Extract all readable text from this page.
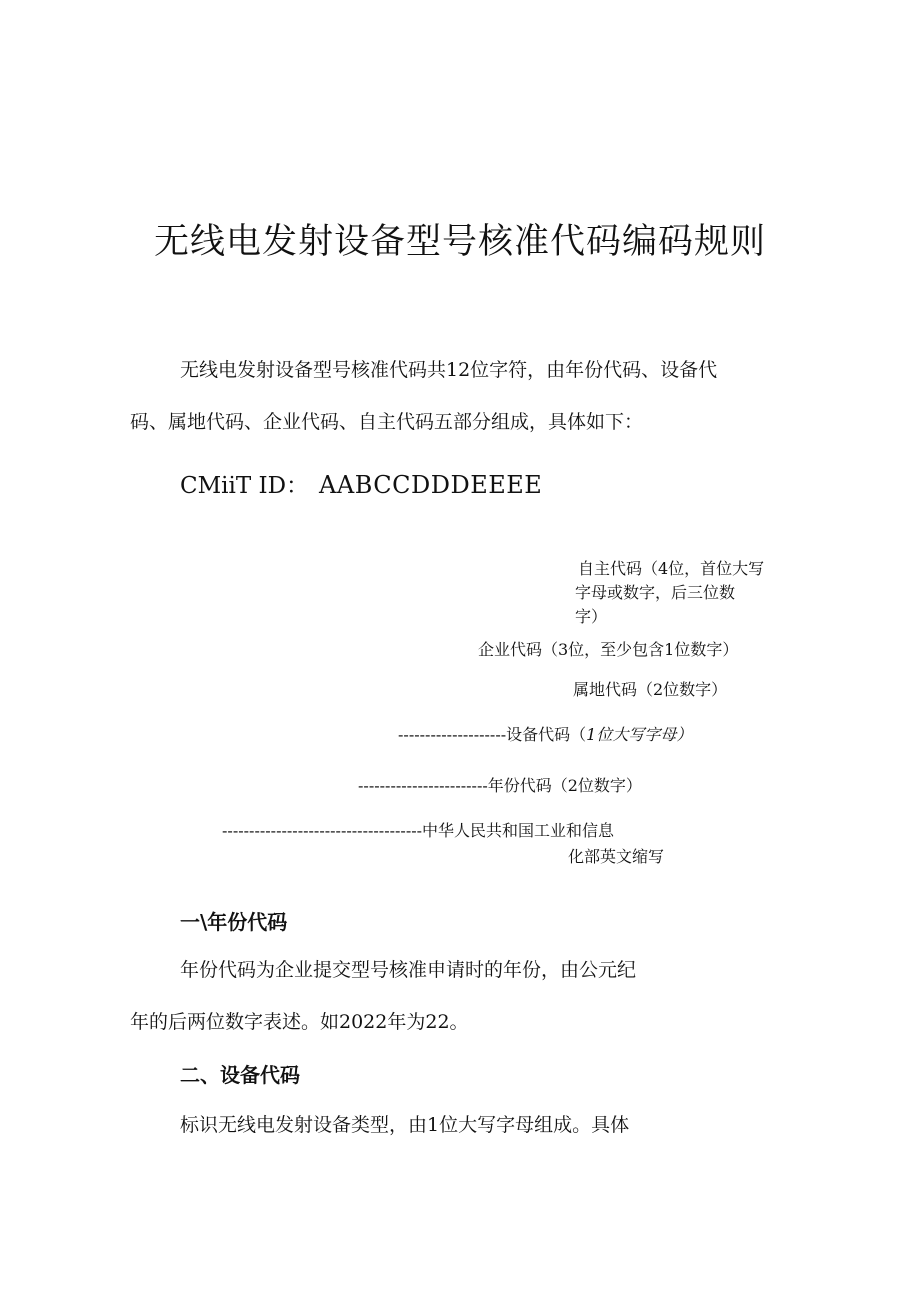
无线电发射设备型号核准代码编码规则
无线电发射设备型号核准代码共12位字符，由年份代码、设备代
码、属地代码、企业代码、自主代码五部分组成，具体如下：
CMiiT ID： AABCCDDDEEEE
自主代码（4位，首位大写
字母或数字，后三位数
字）
企业代码（3位，至少包含1位数字）
属地代码（2位数字）
--------------------设备代码（1位大写字母）
------------------------年份代码（2位数字）
-------------------------------------中华人民共和国工业和信息
化部英文缩写
一\年份代码
年份代码为企业提交型号核准申请时的年份，由公元纪
年的后两位数字表述。如2022年为22。
二、设备代码
标识无线电发射设备类型，由1位大写字母组成。具体
